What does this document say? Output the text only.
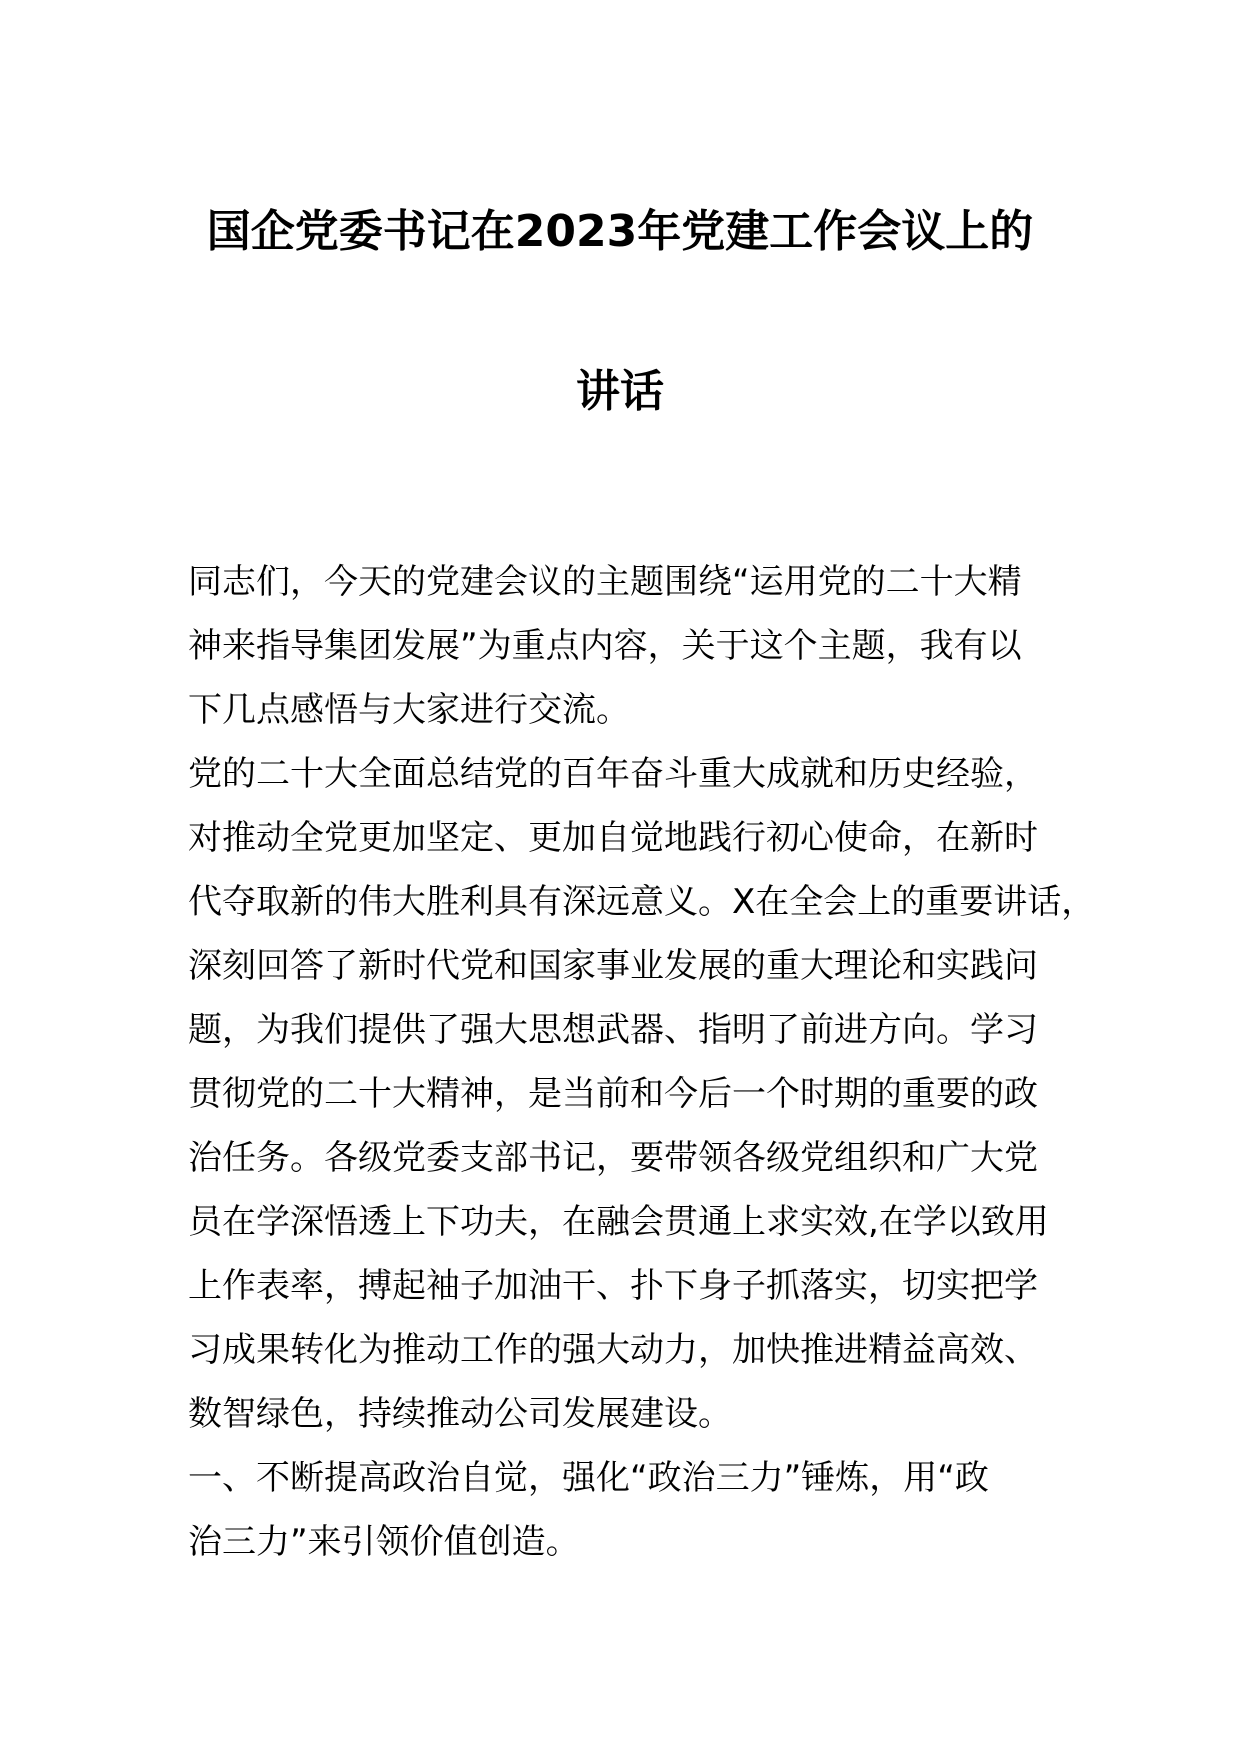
国企党委书记在2023年党建工作会议上的
讲话

同志们，今天的党建会议的主题围绕“运用党的二十大精
神来指导集团发展”为重点内容，关于这个主题，我有以
下几点感悟与大家进行交流。

党的二十大全面总结党的百年奋斗重大成就和历史经验，
对推动全党更加坚定、更加自觉地践行初心使命，在新时
代夺取新的伟大胜利具有深远意义。X在全会上的重要讲话，
深刻回答了新时代党和国家事业发展的重大理论和实践问
题，为我们提供了强大思想武器、指明了前进方向。学习
贯彻党的二十大精神，是当前和今后一个时期的重要的政
治任务。各级党委支部书记，要带领各级党组织和广大党
员在学深悟透上下功夫，在融会贯通上求实效,在学以致用
上作表率，搏起袖子加油干、扑下身子抓落实，切实把学
习成果转化为推动工作的强大动力，加快推进精益高效、
数智绿色，持续推动公司发展建设。

一、不断提高政治自觉，强化“政治三力”锤炼，用“政
治三力”来引领价值创造。
